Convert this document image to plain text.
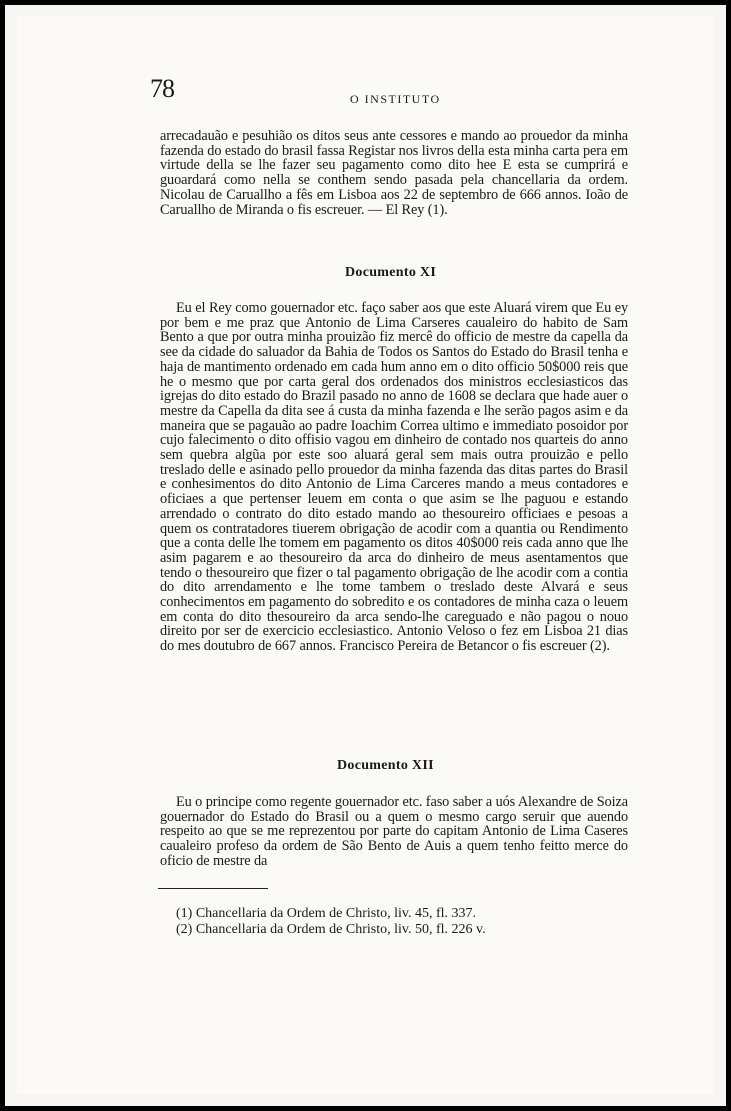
78	O INSTITUTO

arrecadauão e pesuhião os ditos seus ante cessores e mando ao prouedor da minha fazenda do estado do brasil fassa Registar nos livros della esta minha carta pera em virtude della se lhe fazer seu pagamento como dito hee E esta se cumprirá e guoardará como nella se conthem sendo pasada pela chancellaria da ordem. Nicolau de Caruallho a fês em Lisboa aos 22 de septembro de 666 annos. Ioão de Caruallho de Miranda o fis escreuer. — El Rey (1).

Documento XI

Eu el Rey como gouernador etc. faço saber aos que este Aluará virem que Eu ey por bem e me praz que Antonio de Lima Carseres caualeiro do habito de Sam Bento a que por outra minha prouizão fiz mercê do officio de mestre da capella da see da cidade do saluador da Bahia de Todos os Santos do Estado do Brasil tenha e haja de mantimento ordenado em cada hum anno em o dito officio 50$000 reis que he o mesmo que por carta geral dos ordenados dos ministros ecclesiasticos das igrejas do dito estado do Brazil pasado no anno de 1608 se declara que hade auer o mestre da Capella da dita see á custa da minha fazenda e lhe serão pagos asim e da maneira que se pagauão ao padre Ioachim Correa ultimo e immediato posoidor por cujo falecimento o dito offisio vagou em dinheiro de contado nos quarteis do anno sem quebra algũa por este soo aluará geral sem mais outra prouizão e pello treslado delle e asinado pello prouedor da minha fazenda das ditas partes do Brasil e conhesimentos do dito Antonio de Lima Carceres mando a meus contadores e oficiaes a que pertenser leuem em conta o que asim se lhe paguou e estando arrendado o contrato do dito estado mando ao thesoureiro officiaes e pesoas a quem os contratadores tiuerem obrigação de acodir com a quantia ou Rendimento que a conta delle lhe tomem em pagamento os ditos 40$000 reis cada anno que lhe asim pagarem e ao thesoureiro da arca do dinheiro de meus asentamentos que tendo o thesoureiro que fizer o tal pagamento obrigação de lhe acodir com a contia do dito arrendamento e lhe tome tambem o treslado deste Alvará e seus conhecimentos em pagamento do sobredito e os contadores de minha caza o leuem em conta do dito thesoureiro da arca sendo-lhe careguado e não pagou o nouo direito por ser de exercicio ecclesiastico. Antonio Veloso o fez em Lisboa 21 dias do mes doutubro de 667 annos. Francisco Pereira de Betancor o fis escreuer (2).

Documento XII

Eu o principe como regente gouernador etc. faso saber a uós Alexandre de Soiza gouernador do Estado do Brasil ou a quem o mesmo cargo seruir que auendo respeito ao que se me reprezentou por parte do capitam Antonio de Lima Caseres caualeiro profeso da ordem de São Bento de Auis a quem tenho feitto merce do oficio de mestre da

(1) Chancellaria da Ordem de Christo, liv. 45, fl. 337.
(2) Chancellaria da Ordem de Christo, liv. 50, fl. 226 v.
